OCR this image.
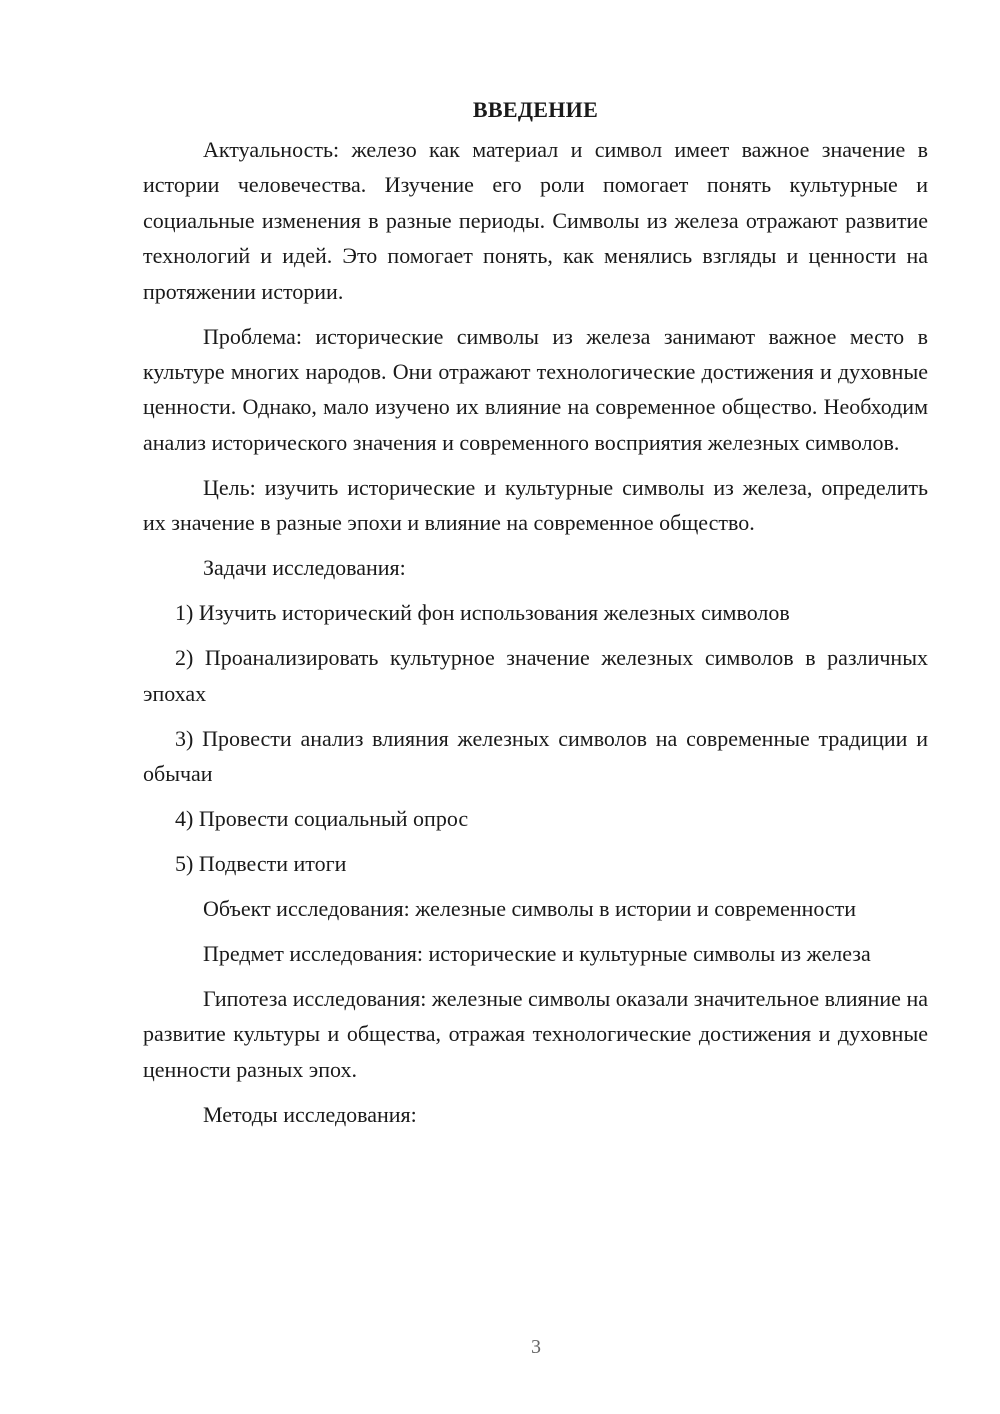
ВВЕДЕНИЕ

Актуальность: железо как материал и символ имеет важное значение в истории человечества. Изучение его роли помогает понять культурные и социальные изменения в разные периоды. Символы из железа отражают развитие технологий и идей. Это помогает понять, как менялись взгляды и ценности на протяжении истории.

Проблема: исторические символы из железа занимают важное место в культуре многих народов. Они отражают технологические достижения и духовные ценности. Однако, мало изучено их влияние на современное общество. Необходим анализ исторического значения и современного восприятия железных символов.

Цель: изучить исторические и культурные символы из железа, определить их значение в разные эпохи и влияние на современное общество.

Задачи исследования:

1) Изучить исторический фон использования железных символов

2) Проанализировать культурное значение железных символов в различных эпохах

3) Провести анализ влияния железных символов на современные традиции и обычаи

4) Провести социальный опрос

5) Подвести итоги

Объект исследования: железные символы в истории и современности

Предмет исследования: исторические и культурные символы из железа

Гипотеза исследования: железные символы оказали значительное влияние на развитие культуры и общества, отражая технологические достижения и духовные ценности разных эпох.

Методы исследования:

3
